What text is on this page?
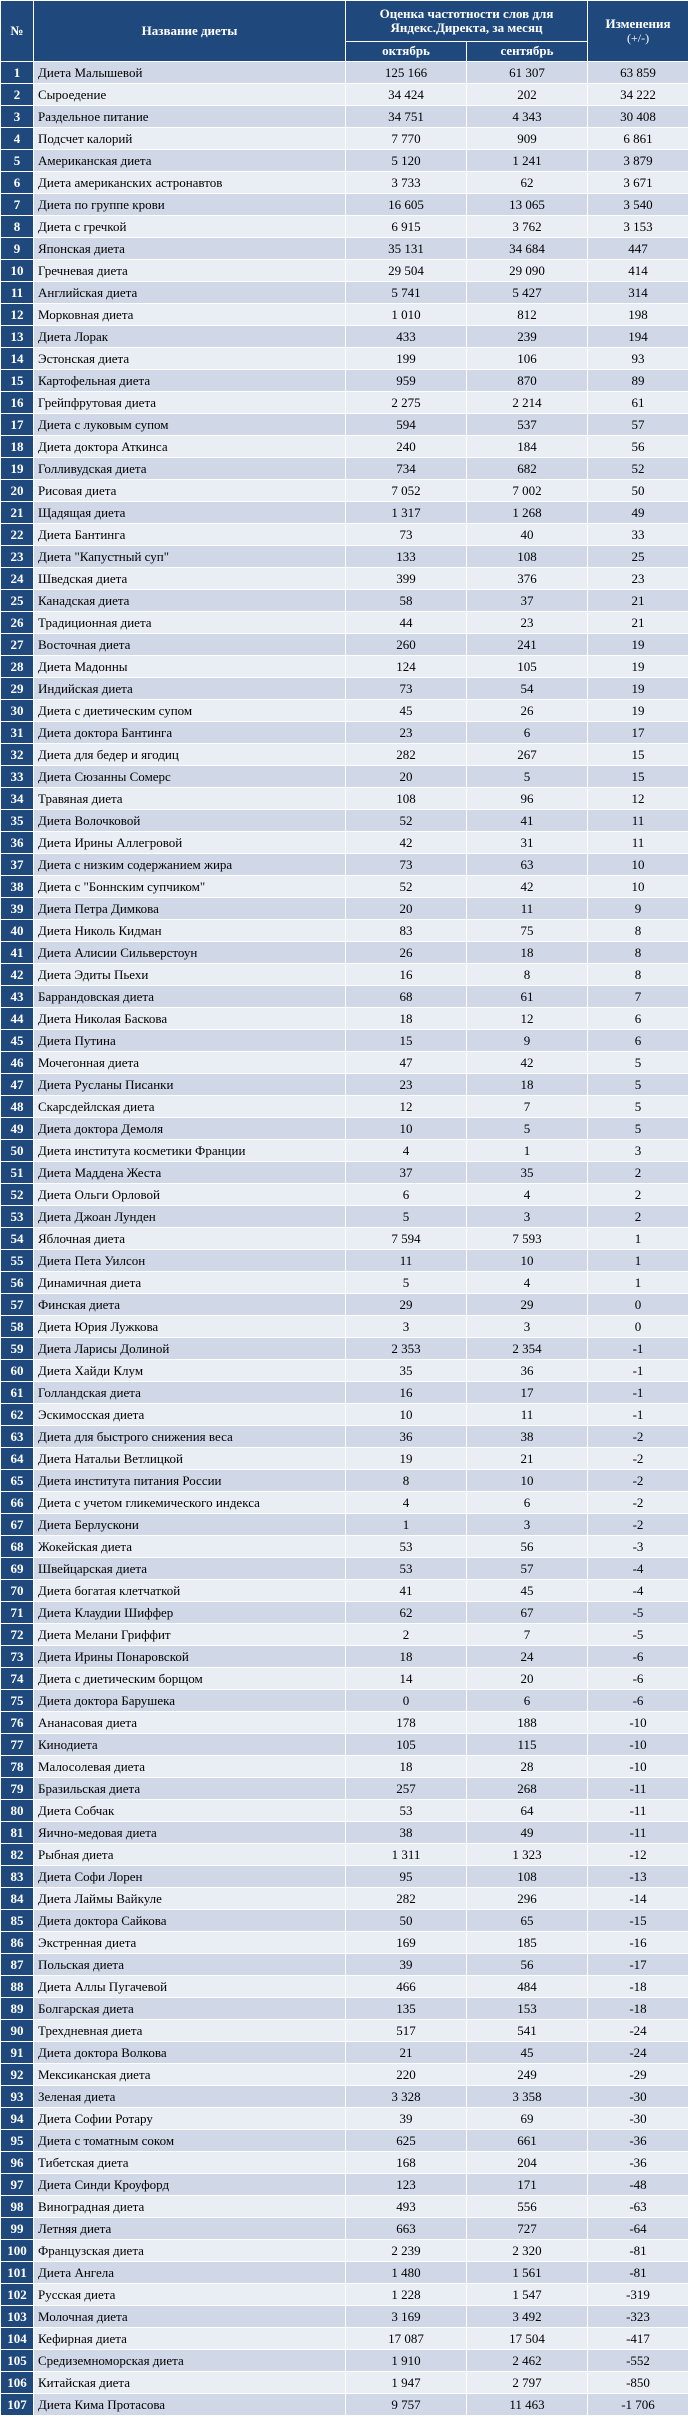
№	Название диеты	Оценка частотности слов для Яндекс.Директа, за месяц		Изменения
(+/-)

		октябрь	сентябрь	
1	Диета Малышевой	125 166	61 307	63 859
2	Сыроедение	34 424	202	34 222
3	Раздельное питание	34 751	4 343	30 408
4	Подсчет калорий	7 770	909	6 861
5	Американская диета	5 120	1 241	3 879
6	Диета американских астронавтов	3 733	62	3 671
7	Диета по группе крови	16 605	13 065	3 540
8	Диета с гречкой	6 915	3 762	3 153
9	Японская диета	35 131	34 684	447
10	Гречневая диета	29 504	29 090	414
11	Английская диета	5 741	5 427	314
12	Морковная диета	1 010	812	198
13	Диета Лорак	433	239	194
14	Эстонская диета	199	106	93
15	Картофельная диета	959	870	89
16	Грейпфрутовая диета	2 275	2 214	61
17	Диета с луковым супом	594	537	57
18	Диета доктора Аткинса	240	184	56
19	Голливудская диета	734	682	52
20	Рисовая диета	7 052	7 002	50
21	Щадящая диета	1 317	1 268	49
22	Диета Бантинга	73	40	33
23	Диета "Капустный суп"	133	108	25
24	Шведская диета	399	376	23
25	Канадская диета	58	37	21
26	Традиционная диета	44	23	21
27	Восточная диета	260	241	19
28	Диета Мадонны	124	105	19
29	Индийская диета	73	54	19
30	Диета с диетическим супом	45	26	19
31	Диета доктора Бантинга	23	6	17
32	Диета для бедер и ягодиц	282	267	15
33	Диета Сюзанны Сомерс	20	5	15
34	Травяная диета	108	96	12
35	Диета Волочковой	52	41	11
36	Диета Ирины Аллегровой	42	31	11
37	Диета с низким содержанием жира	73	63	10
38	Диета с "Боннским супчиком"	52	42	10
39	Диета Петра Димкова	20	11	9
40	Диета Николь Кидман	83	75	8
41	Диета Алисии Сильверстоун	26	18	8
42	Диета Эдиты Пьехи	16	8	8
43	Баррандовская диета	68	61	7
44	Диета Николая Баскова	18	12	6
45	Диета Путина	15	9	6
46	Мочегонная диета	47	42	5
47	Диета Русланы Писанки	23	18	5
48	Скарсдейлская диета	12	7	5
49	Диета доктора Демоля	10	5	5
50	Диета института косметики Франции	4	1	3
51	Диета Маддена Жеста	37	35	2
52	Диета Ольги Орловой	6	4	2
53	Диета Джоан Лунден	5	3	2
54	Яблочная диета	7 594	7 593	1
55	Диета Пета Уилсон	11	10	1
56	Динамичная диета	5	4	1
57	Финская диета	29	29	0
58	Диета Юрия Лужкова	3	3	0
59	Диета Ларисы Долиной	2 353	2 354	-1
60	Диета Хайди Клум	35	36	-1
61	Голландская диета	16	17	-1
62	Эскимосская диета	10	11	-1
63	Диета для быстрого снижения веса	36	38	-2
64	Диета Натальи Ветлицкой	19	21	-2
65	Диета института питания России	8	10	-2
66	Диета с учетом гликемического индекса	4	6	-2
67	Диета Берлускони	1	3	-2
68	Жокейская диета	53	56	-3
69	Швейцарская диета	53	57	-4
70	Диета богатая клетчаткой	41	45	-4
71	Диета Клаудии Шиффер	62	67	-5
72	Диета Мелани Гриффит	2	7	-5
73	Диета Ирины Понаровской	18	24	-6
74	Диета с диетическим борщом	14	20	-6
75	Диета доктора Барушека	0	6	-6
76	Ананасовая диета	178	188	-10
77	Кинодиета	105	115	-10
78	Малосолевая диета	18	28	-10
79	Бразильская диета	257	268	-11
80	Диета Собчак	53	64	-11
81	Яично-медовая диета	38	49	-11
82	Рыбная диета	1 311	1 323	-12
83	Диета Софи Лорен	95	108	-13
84	Диета Лаймы Вайкуле	282	296	-14
85	Диета доктора Сайкова	50	65	-15
86	Экстренная диета	169	185	-16
87	Польская диета	39	56	-17
88	Диета Аллы Пугачевой	466	484	-18
89	Болгарская диета	135	153	-18
90	Трехдневная диета	517	541	-24
91	Диета доктора Волкова	21	45	-24
92	Мексиканская диета	220	249	-29
93	Зеленая диета	3 328	3 358	-30
94	Диета Софии Ротару	39	69	-30
95	Диета с томатным соком	625	661	-36
96	Тибетская диета	168	204	-36
97	Диета Синди Кроуфорд	123	171	-48
98	Виноградная диета	493	556	-63
99	Летняя диета	663	727	-64
100	Французская диета	2 239	2 320	-81
101	Диета Ангела	1 480	1 561	-81
102	Русская диета	1 228	1 547	-319
103	Молочная диета	3 169	3 492	-323
104	Кефирная диета	17 087	17 504	-417
105	Средиземноморская диета	1 910	2 462	-552
106	Китайская диета	1 947	2 797	-850
107	Диета Кима Протасова	9 757	11 463	-1 706
